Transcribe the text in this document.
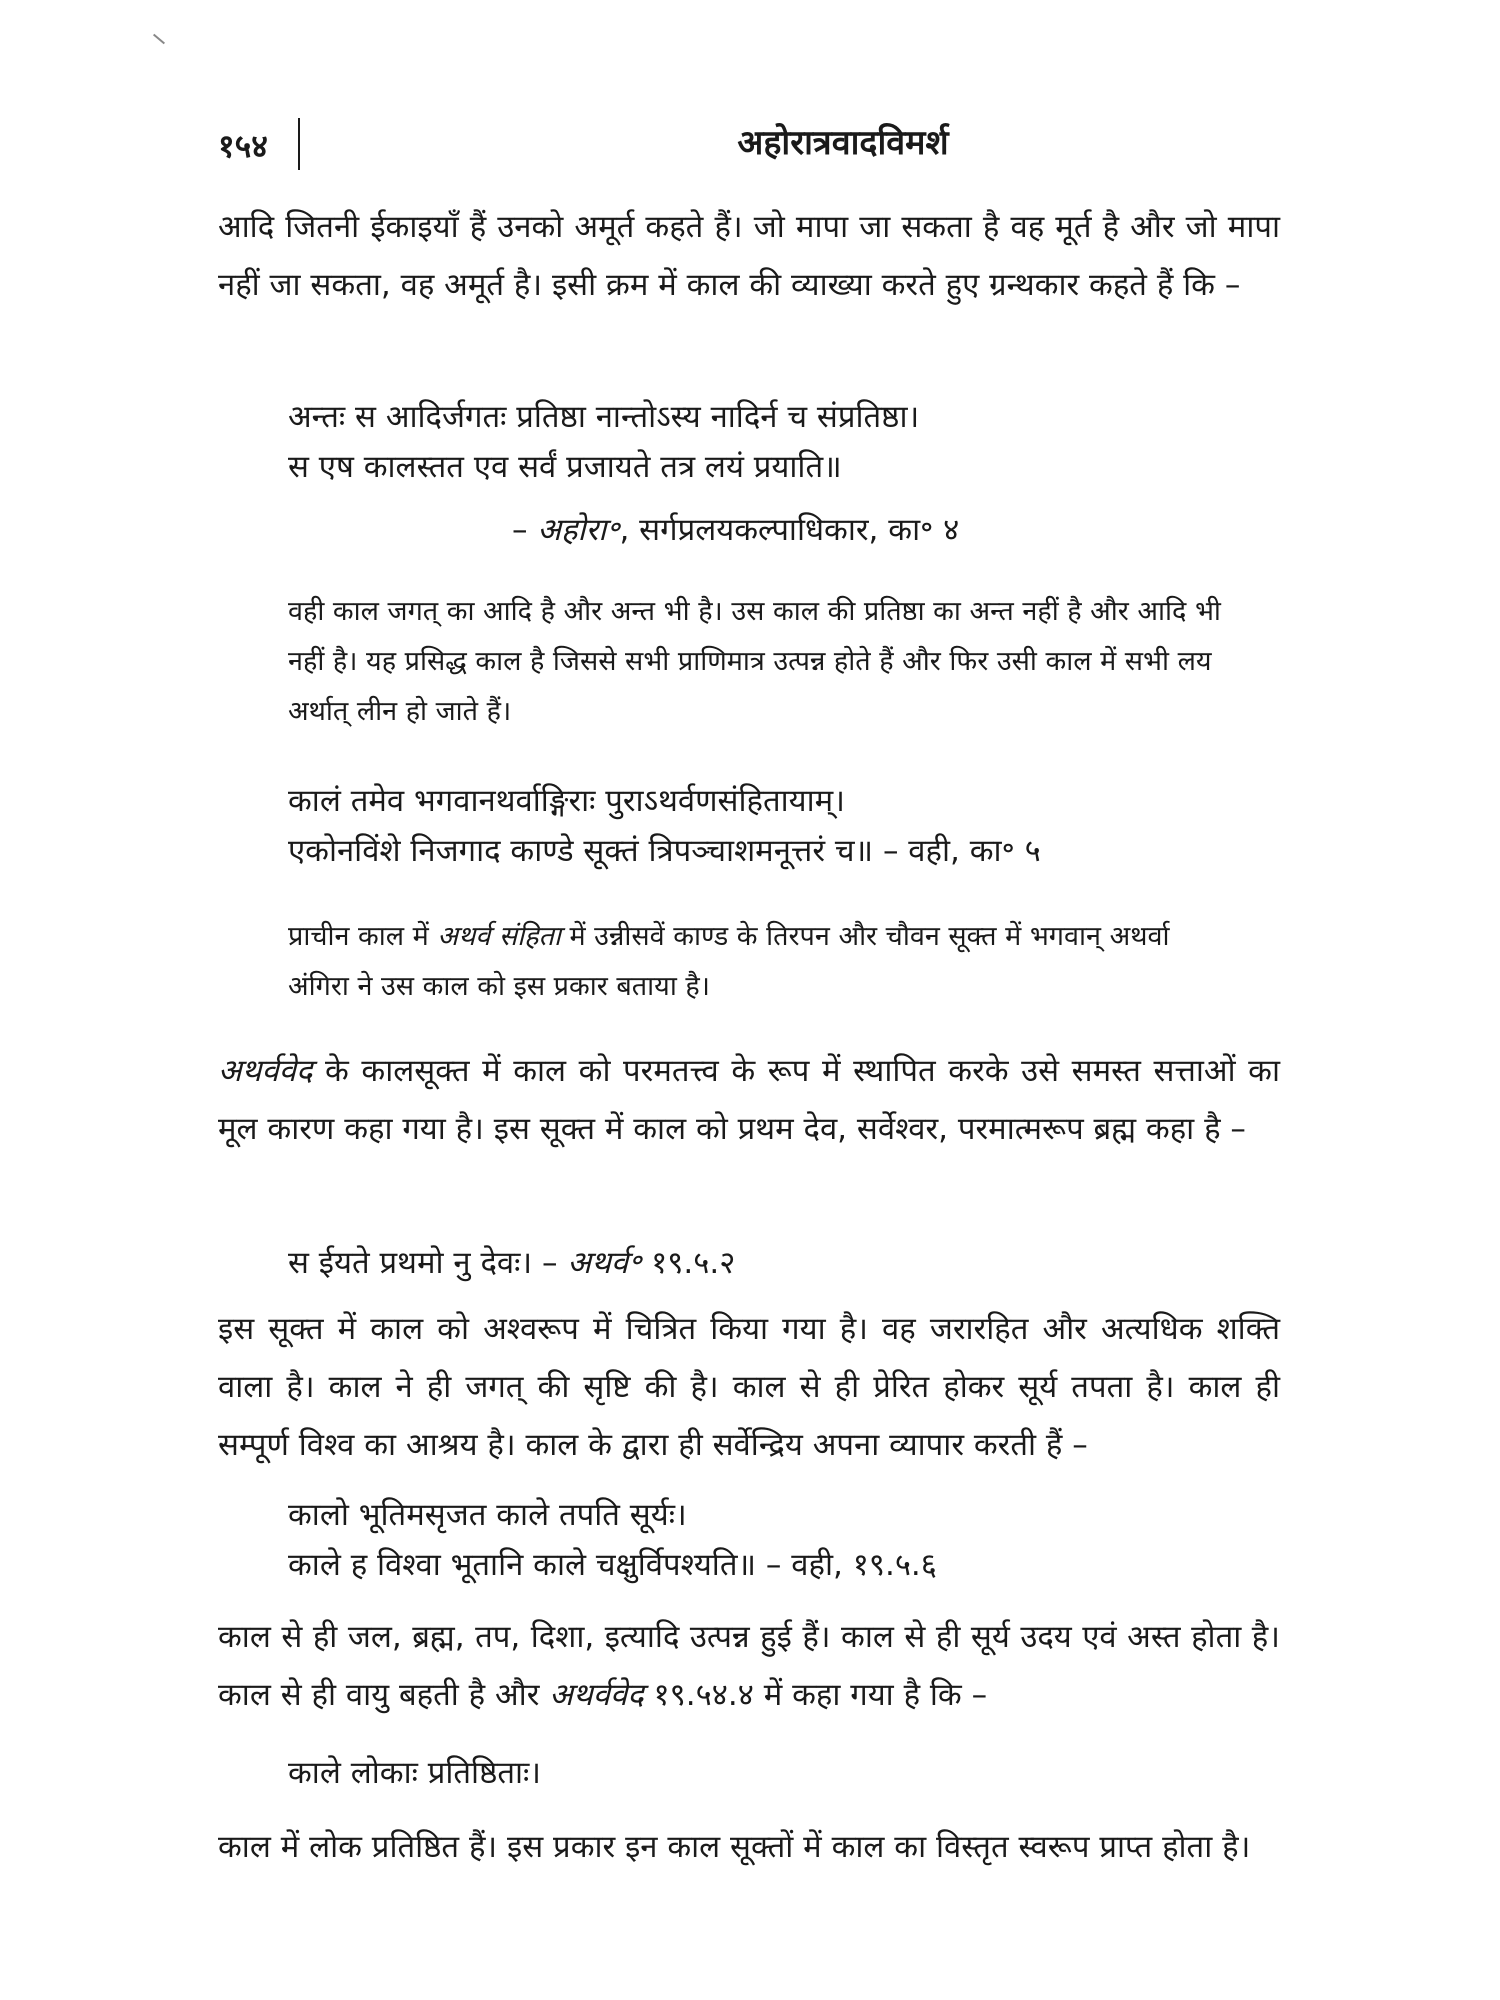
१५४	अहोरात्रवादविमर्श
आदि जितनी ईकाइयाँ हैं उनको अमूर्त कहते हैं। जो मापा जा सकता है वह मूर्त है और जो मापा नहीं जा सकता, वह अमूर्त है। इसी क्रम में काल की व्याख्या करते हुए ग्रन्थकार कहते हैं कि –
अन्तः स आदिर्जगतः प्रतिष्ठा नान्तोऽस्य नादिर्न च संप्रतिष्ठा।
स एष कालस्तत एव सर्वं प्रजायते तत्र लयं प्रयाति॥
– अहोरा॰, सर्गप्रलयकल्पाधिकार, का॰ ४
वही काल जगत् का आदि है और अन्त भी है। उस काल की प्रतिष्ठा का अन्त नहीं है और आदि भी नहीं है। यह प्रसिद्ध काल है जिससे सभी प्राणिमात्र उत्पन्न होते हैं और फिर उसी काल में सभी लय अर्थात् लीन हो जाते हैं।
कालं तमेव भगवानथर्वाङ्गिराः पुराऽथर्वणसंहितायाम्।
एकोनविंशे निजगाद काण्डे सूक्तं त्रिपञ्चाशमनूत्तरं च॥ – वही, का॰ ५
प्राचीन काल में अथर्व संहिता में उन्नीसवें काण्ड के तिरपन और चौवन सूक्त में भगवान् अथर्वा अंगिरा ने उस काल को इस प्रकार बताया है।
अथर्ववेद के कालसूक्त में काल को परमतत्त्व के रूप में स्थापित करके उसे समस्त सत्ताओं का मूल कारण कहा गया है। इस सूक्त में काल को प्रथम देव, सर्वेश्वर, परमात्मरूप ब्रह्म कहा है –
स ईयते प्रथमो नु देवः। – अथर्व॰ १९.५.२
इस सूक्त में काल को अश्वरूप में चित्रित किया गया है। वह जरारहित और अत्यधिक शक्ति वाला है। काल ने ही जगत् की सृष्टि की है। काल से ही प्रेरित होकर सूर्य तपता है। काल ही सम्पूर्ण विश्व का आश्रय है। काल के द्वारा ही सर्वेन्द्रिय अपना व्यापार करती हैं –
कालो भूतिमसृजत काले तपति सूर्यः।
काले ह विश्वा भूतानि काले चक्षुर्विपश्यति॥ – वही, १९.५.६
काल से ही जल, ब्रह्म, तप, दिशा, इत्यादि उत्पन्न हुई हैं। काल से ही सूर्य उदय एवं अस्त होता है। काल से ही वायु बहती है और अथर्ववेद १९.५४.४ में कहा गया है कि –
काले लोकाः प्रतिष्ठिताः।
काल में लोक प्रतिष्ठित हैं। इस प्रकार इन काल सूक्तों में काल का विस्तृत स्वरूप प्राप्त होता है।
